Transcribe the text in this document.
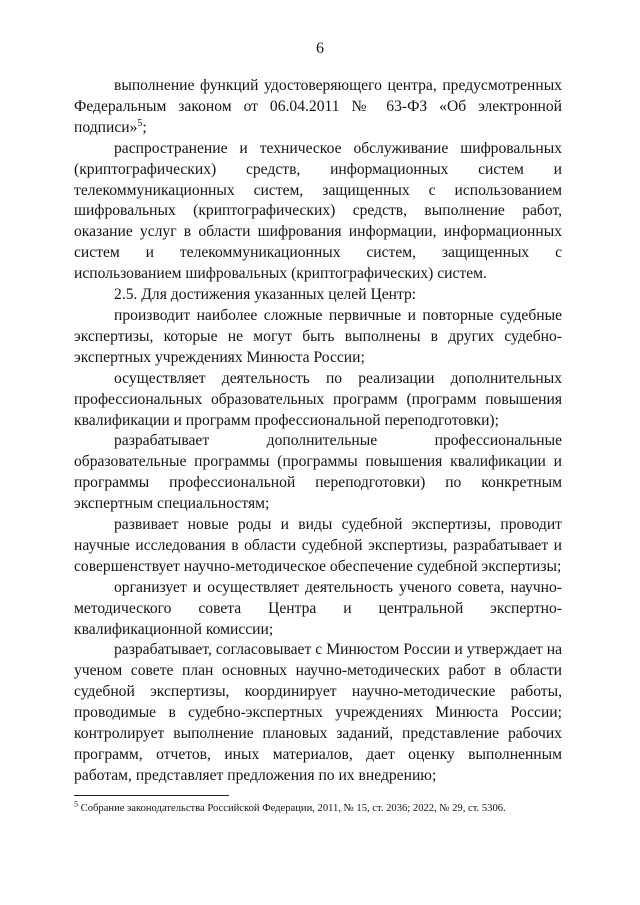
6

выполнение функций удостоверяющего центра, предусмотренных Федеральным законом от 06.04.2011 № 63-ФЗ «Об электронной подписи»$^5$;

распространение и техническое обслуживание шифровальных (криптографических) средств, информационных систем и телекоммуникационных систем, защищенных с использованием шифровальных (криптографических) средств, выполнение работ, оказание услуг в области шифрования информации, информационных систем и телекоммуникационных систем, защищенных с использованием шифровальных (криптографических) систем.

2.5. Для достижения указанных целей Центр:

производит наиболее сложные первичные и повторные судебные экспертизы, которые не могут быть выполнены в других судебно-экспертных учреждениях Минюста России;

осуществляет деятельность по реализации дополнительных профессиональных образовательных программ (программ повышения квалификации и программ профессиональной переподготовки);

разрабатывает дополнительные профессиональные образовательные программы (программы повышения квалификации и программы профессиональной переподготовки) по конкретным экспертным специальностям;

развивает новые роды и виды судебной экспертизы, проводит научные исследования в области судебной экспертизы, разрабатывает и совершенствует научно-методическое обеспечение судебной экспертизы;

организует и осуществляет деятельность ученого совета, научно-методического совета Центра и центральной экспертно-квалификационной комиссии;

разрабатывает, согласовывает с Минюстом России и утверждает на ученом совете план основных научно-методических работ в области судебной экспертизы, координирует научно-методические работы, проводимые в судебно-экспертных учреждениях Минюста России; контролирует выполнение плановых заданий, представление рабочих программ, отчетов, иных материалов, дает оценку выполненным работам, представляет предложения по их внедрению;

$^5$ Собрание законодательства Российской Федерации, 2011, № 15, ст. 2036; 2022, № 29, ст. 5306.
